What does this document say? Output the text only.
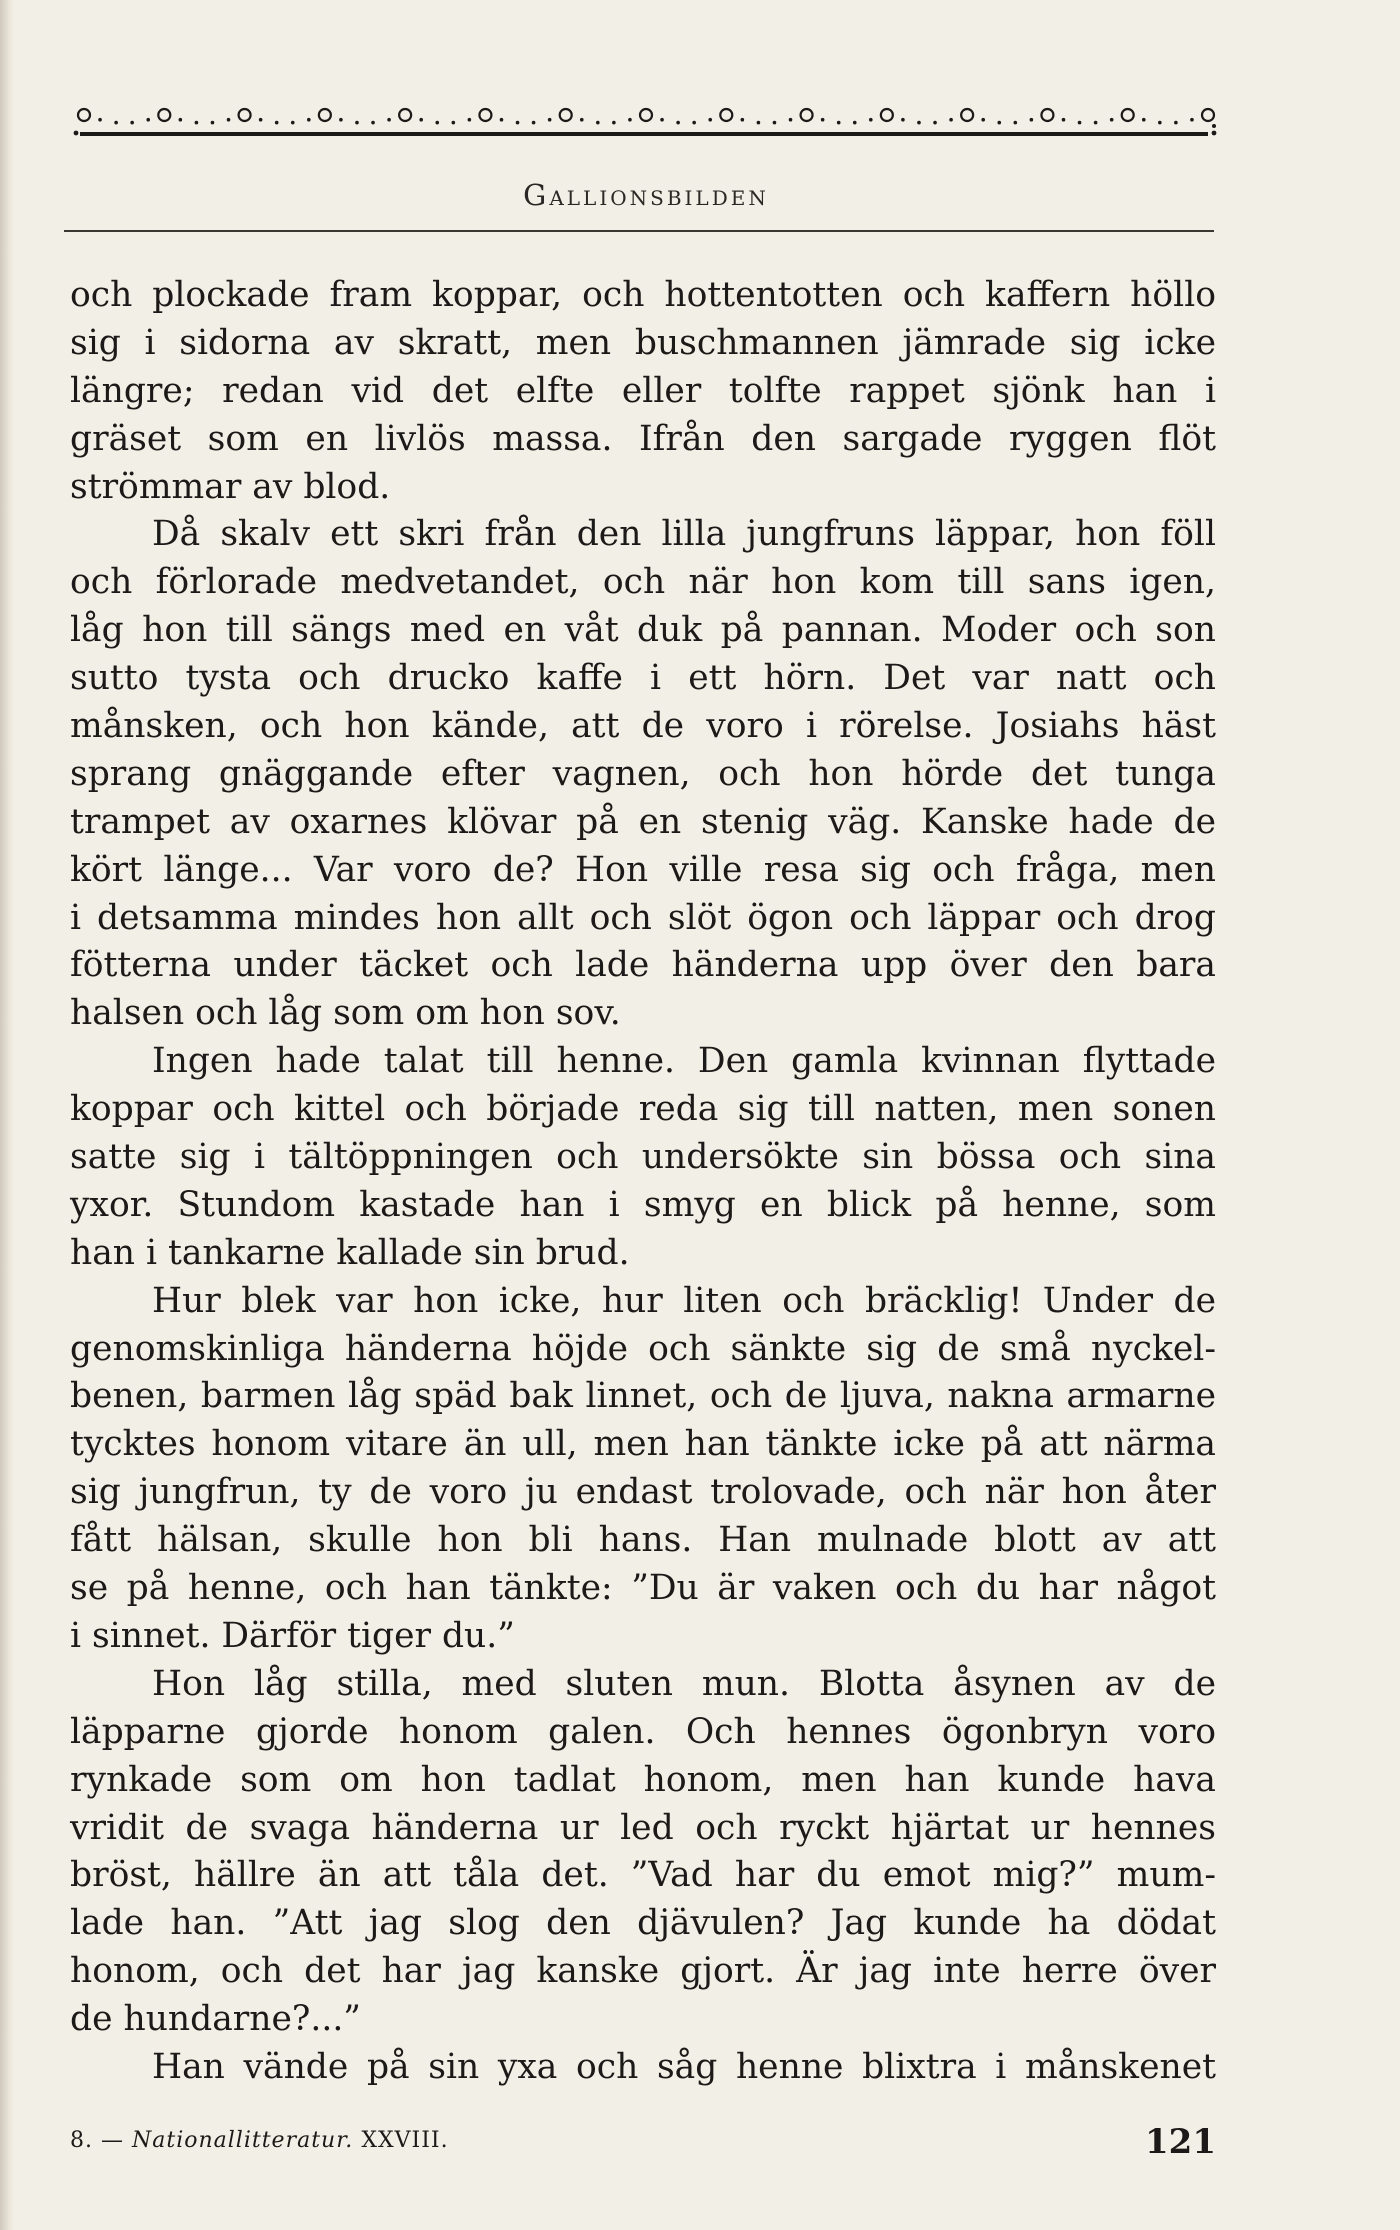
Gallionsbilden
och plockade fram koppar, och hottentotten och kaffern höllo
sig i sidorna av skratt, men buschmannen jämrade sig icke
längre; redan vid det elfte eller tolfte rappet sjönk han i
gräset som en livlös massa. Ifrån den sargade ryggen flöt
strömmar av blod.
Då skalv ett skri från den lilla jungfruns läppar, hon föll
och förlorade medvetandet, och när hon kom till sans igen,
låg hon till sängs med en våt duk på pannan. Moder och son
sutto tysta och drucko kaffe i ett hörn. Det var natt och
månsken, och hon kände, att de voro i rörelse. Josiahs häst
sprang gnäggande efter vagnen, och hon hörde det tunga
trampet av oxarnes klövar på en stenig väg. Kanske hade de
kört länge... Var voro de? Hon ville resa sig och fråga, men
i detsamma mindes hon allt och slöt ögon och läppar och drog
fötterna under täcket och lade händerna upp över den bara
halsen och låg som om hon sov.
Ingen hade talat till henne. Den gamla kvinnan flyttade
koppar och kittel och började reda sig till natten, men sonen
satte sig i tältöppningen och undersökte sin bössa och sina
yxor. Stundom kastade han i smyg en blick på henne, som
han i tankarne kallade sin brud.
Hur blek var hon icke, hur liten och bräcklig! Under de
genomskinliga händerna höjde och sänkte sig de små nyckel-
benen, barmen låg späd bak linnet, och de ljuva, nakna armarne
tycktes honom vitare än ull, men han tänkte icke på att närma
sig jungfrun, ty de voro ju endast trolovade, och när hon åter
fått hälsan, skulle hon bli hans. Han mulnade blott av att
se på henne, och han tänkte: ”Du är vaken och du har något
i sinnet. Därför tiger du.”
Hon låg stilla, med sluten mun. Blotta åsynen av de
läpparne gjorde honom galen. Och hennes ögonbryn voro
rynkade som om hon tadlat honom, men han kunde hava
vridit de svaga händerna ur led och ryckt hjärtat ur hennes
bröst, hällre än att tåla det. ”Vad har du emot mig?” mum-
lade han. ”Att jag slog den djävulen? Jag kunde ha dödat
honom, och det har jag kanske gjort. Är jag inte herre över
de hundarne?...”
Han vände på sin yxa och såg henne blixtra i månskenet
8. — Nationallitteratur. XXVIII.	121
